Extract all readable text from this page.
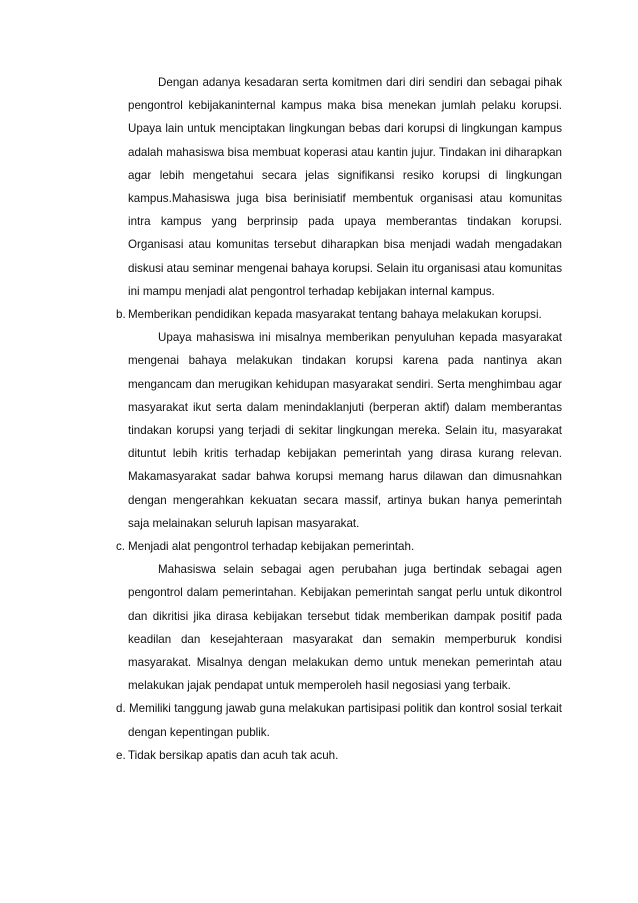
Dengan adanya kesadaran serta komitmen dari diri sendiri dan sebagai pihak pengontrol kebijakaninternal kampus maka bisa menekan jumlah pelaku korupsi. Upaya lain untuk menciptakan lingkungan bebas dari korupsi di lingkungan kampus adalah mahasiswa bisa membuat koperasi atau kantin jujur. Tindakan ini diharapkan agar lebih mengetahui secara jelas signifikansi resiko korupsi di lingkungan kampus.Mahasiswa juga bisa berinisiatif membentuk organisasi atau komunitas intra kampus yang berprinsip pada upaya memberantas tindakan korupsi. Organisasi atau komunitas tersebut diharapkan bisa menjadi wadah mengadakan diskusi atau seminar mengenai bahaya korupsi. Selain itu organisasi atau komunitas ini mampu menjadi alat pengontrol terhadap kebijakan internal kampus.

b. Memberikan pendidikan kepada masyarakat tentang bahaya melakukan korupsi.

Upaya mahasiswa ini misalnya memberikan penyuluhan kepada masyarakat mengenai bahaya melakukan tindakan korupsi karena pada nantinya akan mengancam dan merugikan kehidupan masyarakat sendiri. Serta menghimbau agar masyarakat ikut serta dalam menindaklanjuti (berperan aktif) dalam memberantas tindakan korupsi yang terjadi di sekitar lingkungan mereka. Selain itu, masyarakat dituntut lebih kritis terhadap kebijakan pemerintah yang dirasa kurang relevan. Makamasyarakat sadar bahwa korupsi memang harus dilawan dan dimusnahkan dengan mengerahkan kekuatan secara massif, artinya bukan hanya pemerintah saja melainakan seluruh lapisan masyarakat.

c. Menjadi alat pengontrol terhadap kebijakan pemerintah.

Mahasiswa selain sebagai agen perubahan juga bertindak sebagai agen pengontrol dalam pemerintahan. Kebijakan pemerintah sangat perlu untuk dikontrol dan dikritisi jika dirasa kebijakan tersebut tidak memberikan dampak positif pada keadilan dan kesejahteraan masyarakat dan semakin memperburuk kondisi masyarakat. Misalnya dengan melakukan demo untuk menekan pemerintah atau melakukan jajak pendapat untuk memperoleh hasil negosiasi yang terbaik.

d. Memiliki tanggung jawab guna melakukan partisipasi politik dan kontrol sosial terkait dengan kepentingan publik.
e. Tidak bersikap apatis dan acuh tak acuh.
